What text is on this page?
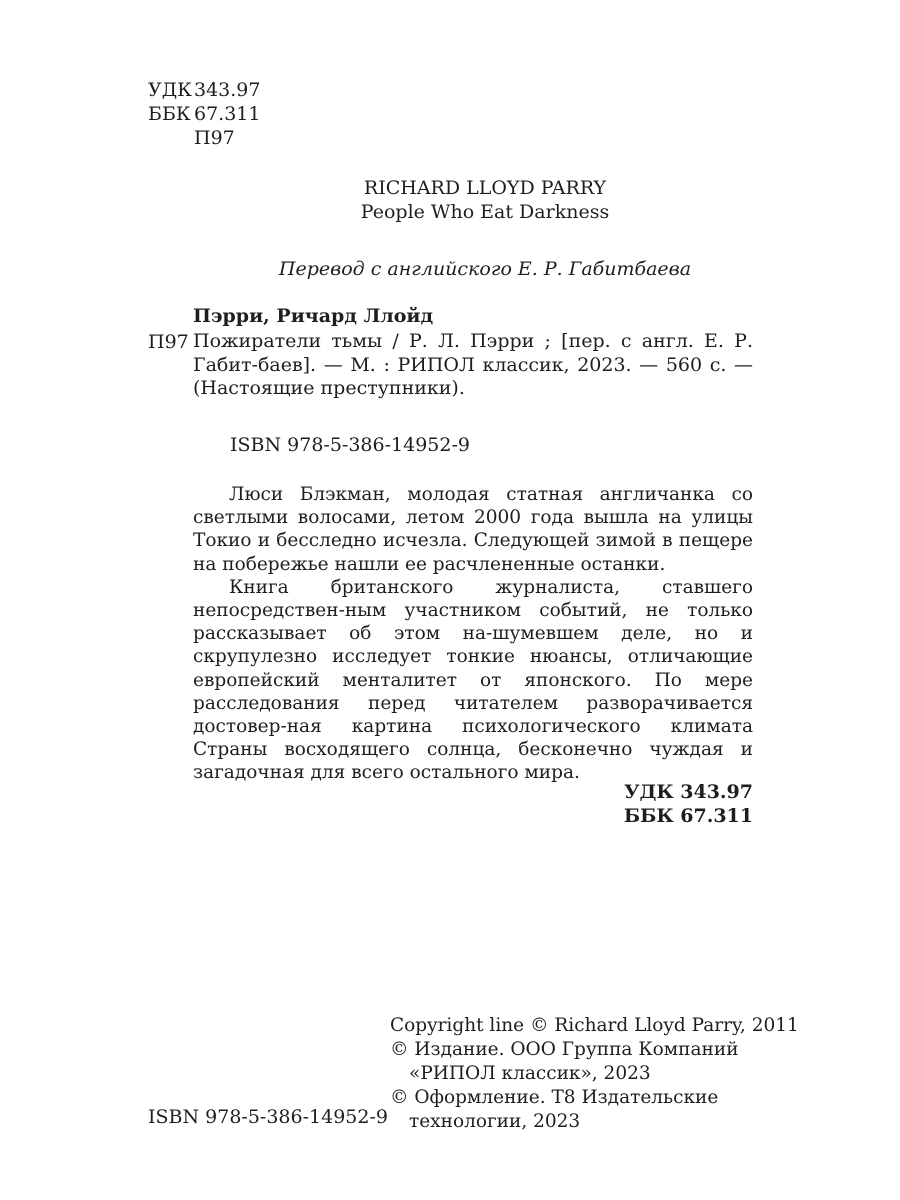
УДК 343.97
ББК 67.311
П97
RICHARD LLOYD PARRY
People Who Eat Darkness
Перевод с английского Е. Р. Габитбаева
Пэрри, Ричард Ллойд
П97 Пожиратели тьмы / Р. Л. Пэрри ; [пер. с англ. Е. Р. Габит-баев]. — М. : РИПОЛ классик, 2023. — 560 с. — (Настоящие преступники).
ISBN 978-5-386-14952-9

Люси Блэкман, молодая статная англичанка со светлыми волосами, летом 2000 года вышла на улицы Токио и бесследно исчезла. Следующей зимой в пещере на побережье нашли ее расчлененные останки.

Книга британского журналиста, ставшего непосредствен-ным участником событий, не только рассказывает об этом на-шумевшем деле, но и скрупулезно исследует тонкие нюансы, отличающие европейский менталитет от японского. По мере расследования перед читателем разворачивается достовер-ная картина психологического климата Страны восходящего солнца, бесконечно чуждая и загадочная для всего остального мира.

УДК 343.97
ББК 67.311
ISBN 978-5-386-14952-9
Copyright line © Richard Lloyd Parry, 2011
© Издание. ООО Группа Компаний
«РИПОЛ классик», 2023
© Оформление. Т8 Издательские
технологии, 2023
